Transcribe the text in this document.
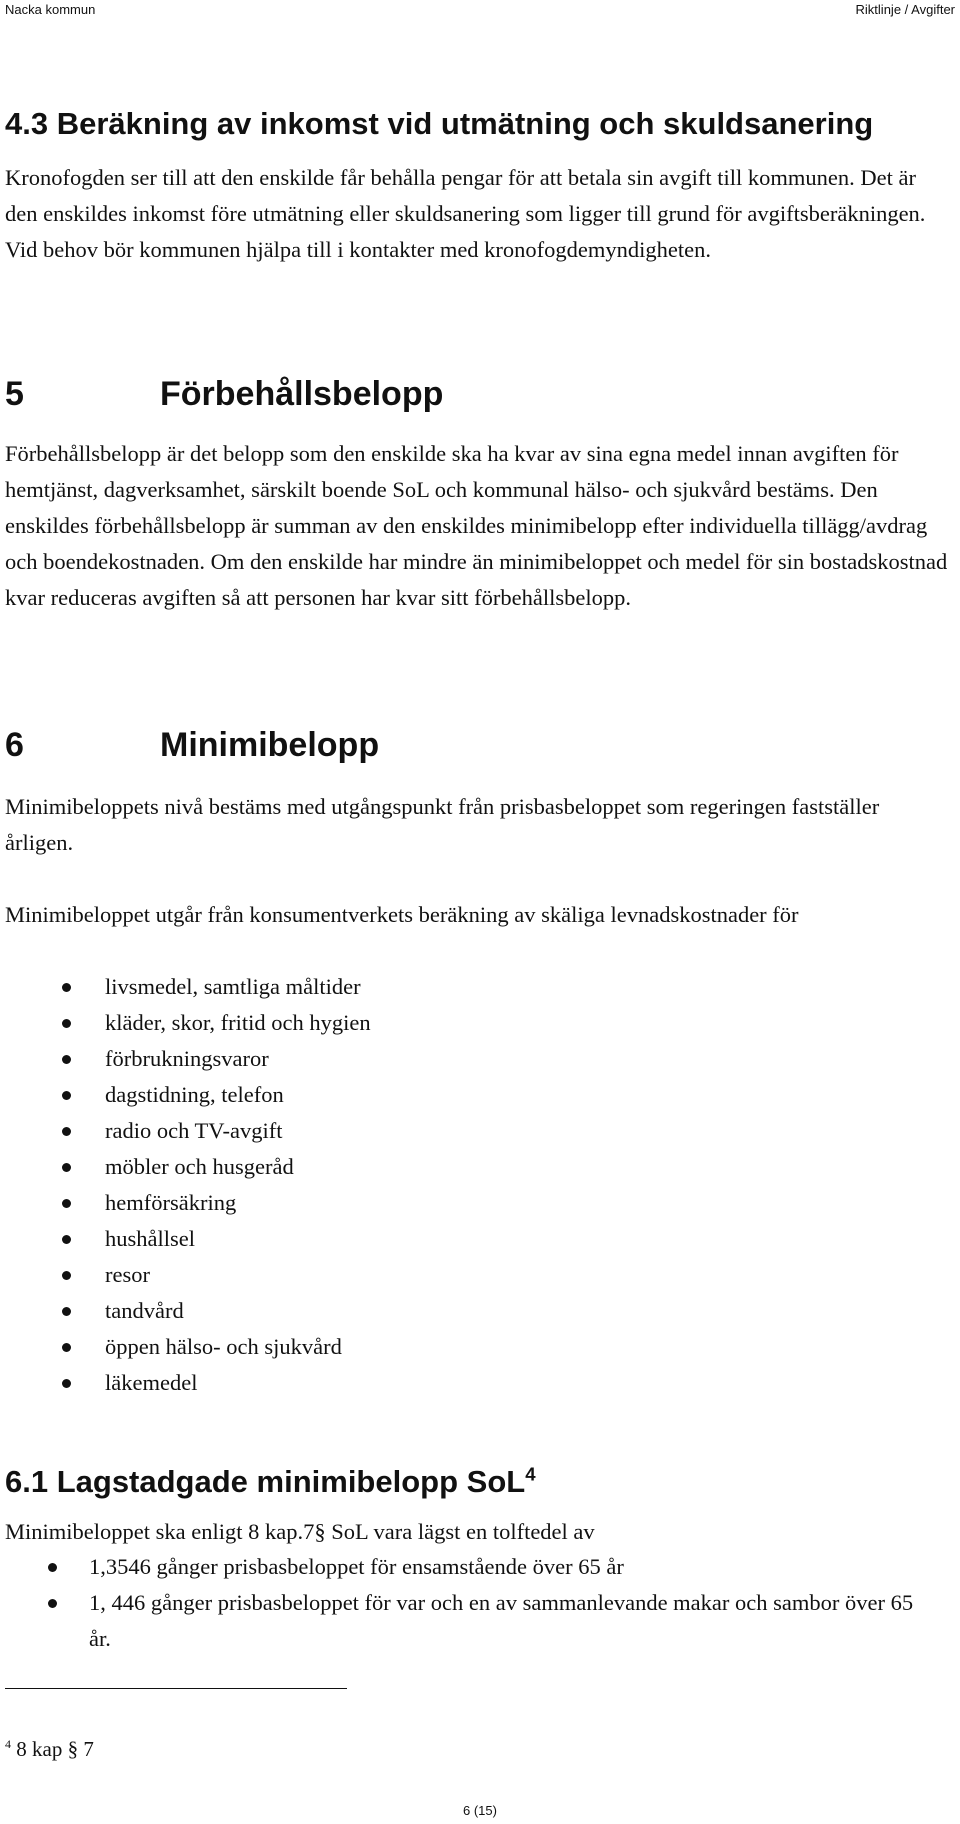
Nacka kommun	Riktlinje / Avgifter
4.3 Beräkning av inkomst vid utmätning och skuldsanering

Kronofogden ser till att den enskilde får behålla pengar för att betala sin avgift till kommunen. Det är den enskildes inkomst före utmätning eller skuldsanering som ligger till grund för avgiftsberäkningen. Vid behov bör kommunen hjälpa till i kontakter med kronofogdemyndigheten.

5	Förbehållsbelopp

Förbehållsbelopp är det belopp som den enskilde ska ha kvar av sina egna medel innan avgiften för hemtjänst, dagverksamhet, särskilt boende SoL och kommunal hälso- och sjukvård bestäms. Den enskildes förbehållsbelopp är summan av den enskildes minimibelopp efter individuella tillägg/avdrag och boendekostnaden. Om den enskilde har mindre än minimibeloppet och medel för sin bostadskostnad kvar reduceras avgiften så att personen har kvar sitt förbehållsbelopp.

6	Minimibelopp

Minimibeloppets nivå bestäms med utgångspunkt från prisbasbeloppet som regeringen fastställer årligen.

Minimibeloppet utgår från konsumentverkets beräkning av skäliga levnadskostnader för

livsmedel, samtliga måltider
kläder, skor, fritid och hygien
förbrukningsvaror
dagstidning, telefon
radio och TV-avgift
möbler och husgeråd
hemförsäkring
hushållsel
resor
tandvård
öppen hälso- och sjukvård
läkemedel
6.1 Lagstadgade minimibelopp SoL$^4$

Minimibeloppet ska enligt 8 kap.7§ SoL vara lägst en tolftedel av

1,3546 gånger prisbasbeloppet för ensamstående över 65 år
1, 446 gånger prisbasbeloppet för var och en av sammanlevande makar och sambor över 65 år.
$^4$ 8 kap § 7
6 (15)
